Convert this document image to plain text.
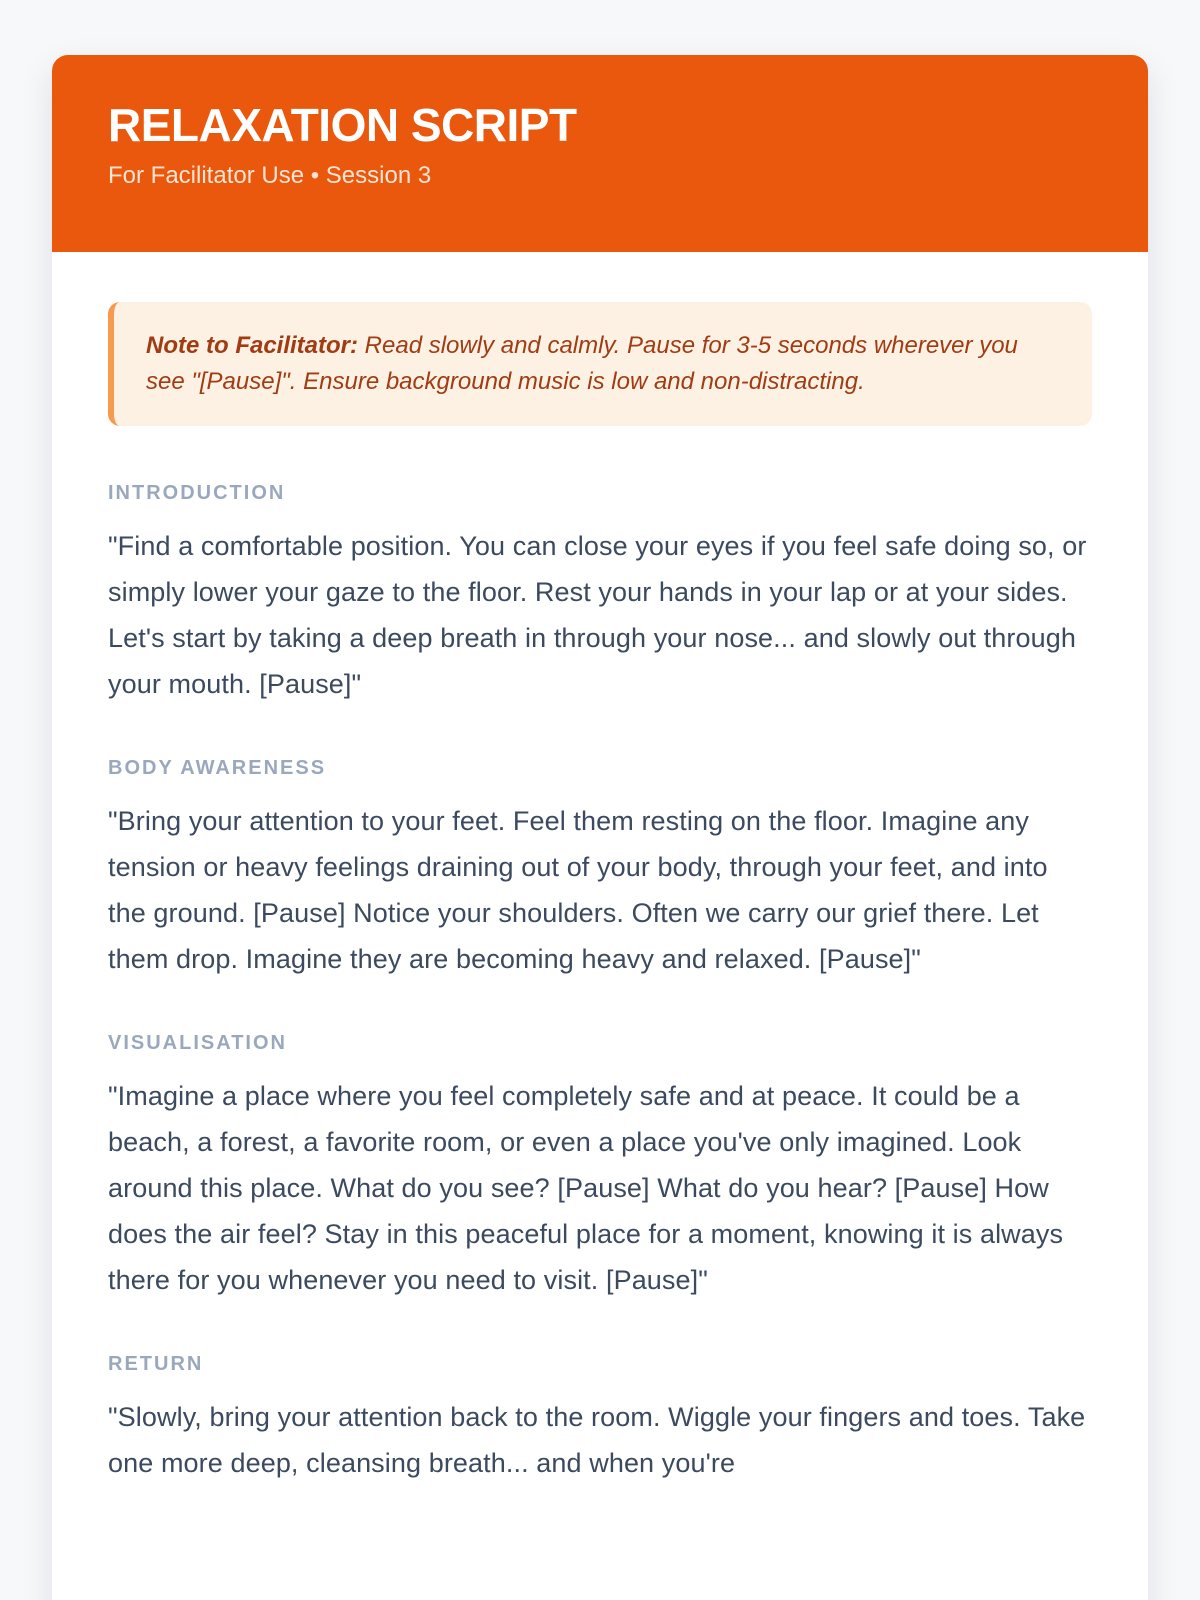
RELAXATION SCRIPT
For Facilitator Use • Session 3

Note to Facilitator: Read slowly and calmly. Pause for 3-5 seconds wherever you see "[Pause]". Ensure background music is low and non-distracting.

INTRODUCTION

"Find a comfortable position. You can close your eyes if you feel safe doing so, or simply lower your gaze to the floor. Rest your hands in your lap or at your sides. Let's start by taking a deep breath in through your nose... and slowly out through your mouth. [Pause]"

BODY AWARENESS

"Bring your attention to your feet. Feel them resting on the floor. Imagine any tension or heavy feelings draining out of your body, through your feet, and into the ground. [Pause] Notice your shoulders. Often we carry our grief there. Let them drop. Imagine they are becoming heavy and relaxed. [Pause]"

VISUALISATION

"Imagine a place where you feel completely safe and at peace. It could be a beach, a forest, a favorite room, or even a place you've only imagined. Look around this place. What do you see? [Pause] What do you hear? [Pause] How does the air feel? Stay in this peaceful place for a moment, knowing it is always there for you whenever you need to visit. [Pause]"

RETURN

"Slowly, bring your attention back to the room. Wiggle your fingers and toes. Take one more deep, cleansing breath... and when you're
